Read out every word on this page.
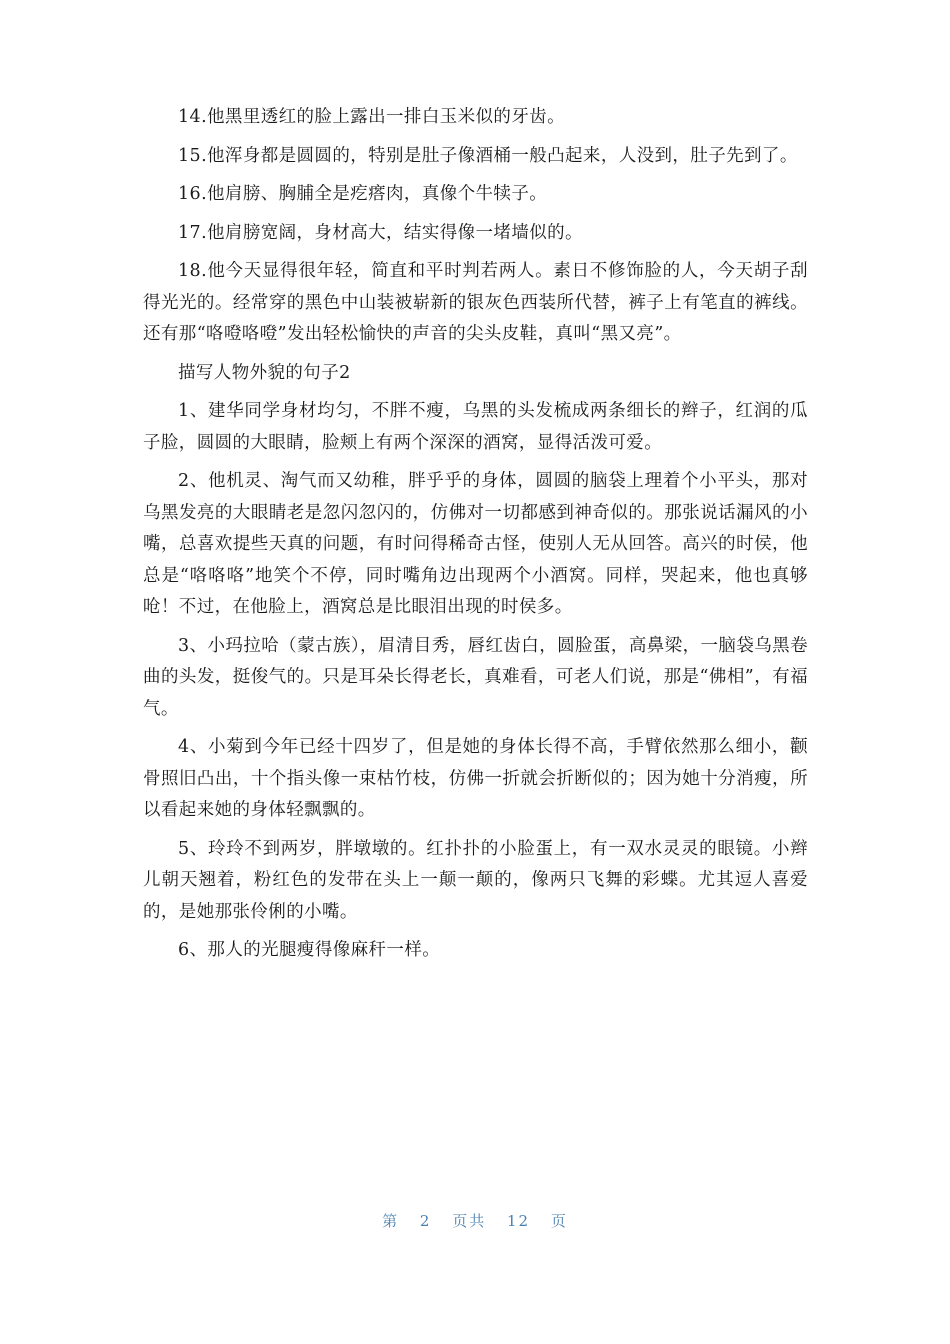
14.他黑里透红的脸上露出一排白玉米似的牙齿。

15.他浑身都是圆圆的，特别是肚子像酒桶一般凸起来，人没到，肚子先到了。

16.他肩膀、胸脯全是疙瘩肉，真像个牛犊子。

17.他肩膀宽阔，身材高大，结实得像一堵墙似的。

18.他今天显得很年轻，简直和平时判若两人。素日不修饰脸的人，今天胡子刮得光光的。经常穿的黑色中山装被崭新的银灰色西装所代替，裤子上有笔直的裤线。还有那“咯噔咯噔”发出轻松愉快的声音的尖头皮鞋，真叫“黑又亮”。

描写人物外貌的句子2

1、建华同学身材均匀，不胖不瘦，乌黑的头发梳成两条细长的辫子，红润的瓜子脸，圆圆的大眼睛，脸颊上有两个深深的酒窝，显得活泼可爱。

2、他机灵、淘气而又幼稚，胖乎乎的身体，圆圆的脑袋上理着个小平头，那对乌黑发亮的大眼睛老是忽闪忽闪的，仿佛对一切都感到神奇似的。那张说话漏风的小嘴，总喜欢提些天真的问题，有时问得稀奇古怪，使别人无从回答。高兴的时侯，他总是“咯咯咯”地笑个不停，同时嘴角边出现两个小酒窝。同样，哭起来，他也真够呛！不过，在他脸上，酒窝总是比眼泪出现的时侯多。

3、小玛拉哈（蒙古族），眉清目秀，唇红齿白，圆脸蛋，高鼻梁，一脑袋乌黑卷曲的头发，挺俊气的。只是耳朵长得老长，真难看，可老人们说，那是“佛相”，有福气。

4、小菊到今年已经十四岁了，但是她的身体长得不高，手臂依然那么细小，颧骨照旧凸出，十个指头像一束枯竹枝，仿佛一折就会折断似的；因为她十分消瘦，所以看起来她的身体轻飘飘的。

5、玲玲不到两岁，胖墩墩的。红扑扑的小脸蛋上，有一双水灵灵的眼镜。小辫儿朝天翘着，粉红色的发带在头上一颠一颠的，像两只飞舞的彩蝶。尤其逗人喜爱的，是她那张伶俐的小嘴。

6、那人的光腿瘦得像麻秆一样。

第 2 页共 12 页
